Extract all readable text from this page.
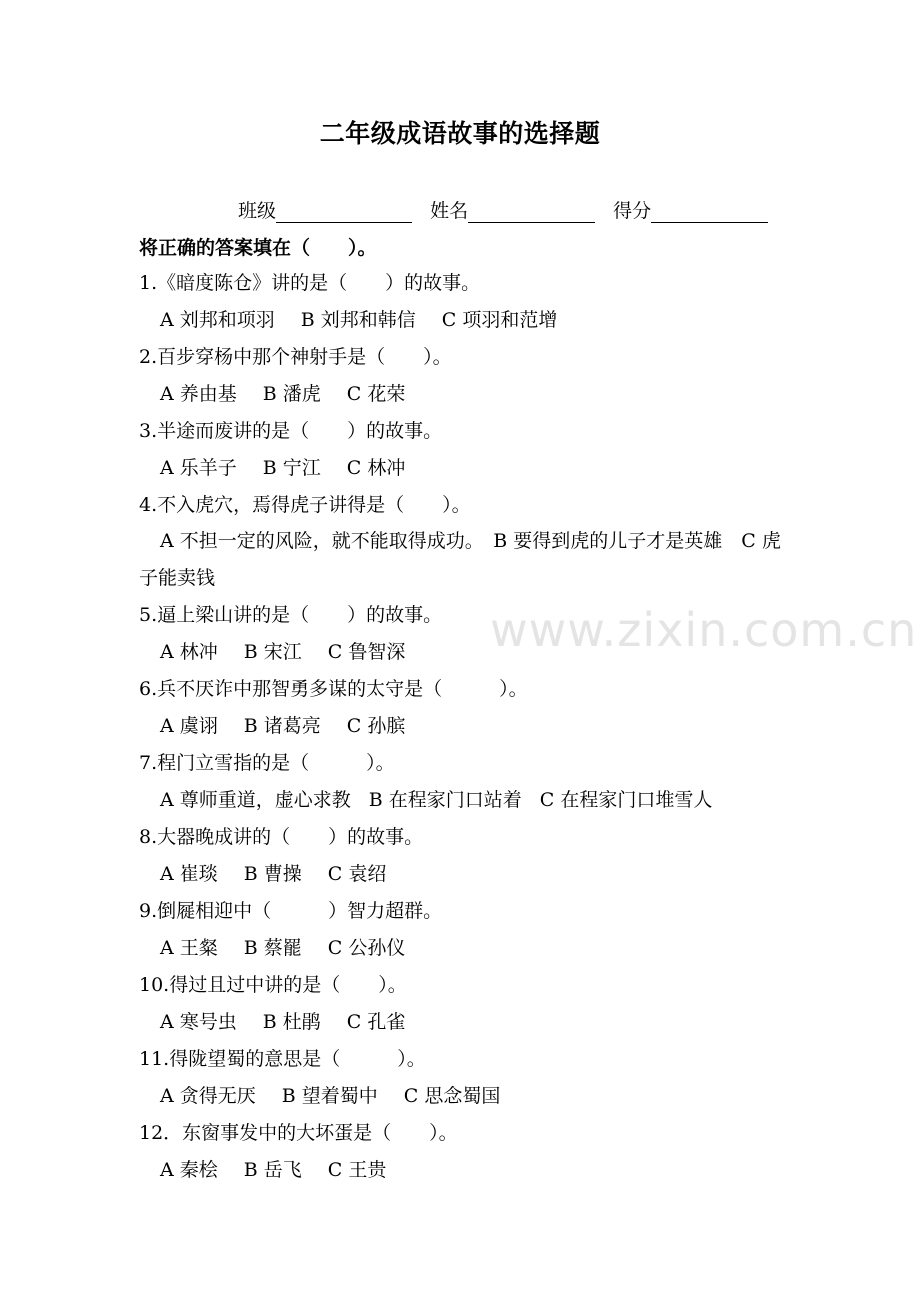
二年级成语故事的选择题
班级	姓名	得分
将正确的答案填在（　　）。
1.《暗度陈仓》讲的是（　　）的故事。
A 刘邦和项羽 B 刘邦和韩信 C 项羽和范增
2.百步穿杨中那个神射手是（　　）。
A 养由基 B 潘虎 C 花荣
3.半途而废讲的是（　　）的故事。
A 乐羊子 B 宁江 C 林冲
4.不入虎穴，焉得虎子讲得是（　　）。
A 不担一定的风险，就不能取得成功。　B 要得到虎的儿子才是英雄　C 虎子能卖钱
5.逼上梁山讲的是（　　）的故事。
A 林冲 B 宋江 C 鲁智深
6.兵不厌诈中那智勇多谋的太守是（　　　）。
A 虞诩 B 诸葛亮 C 孙膑
7.程门立雪指的是（　　　）。
A 尊师重道，虚心求教 B 在程家门口站着 C 在程家门口堆雪人
8.大器晚成讲的（　　）的故事。
A 崔琰 B 曹操 C 袁绍
9.倒屣相迎中（　　　）智力超群。
A 王粲 B 蔡罷 C 公孙仪
10.得过且过中讲的是（　　）。
A 寒号虫 B 杜鹃 C 孔雀
11.得陇望蜀的意思是（　　　）。
A 贪得无厌 B 望着蜀中 C 思念蜀国
12．东窗事发中的大坏蛋是（　　）。
A 秦桧 B 岳飞 C 王贵
www.zixin.com.cn
